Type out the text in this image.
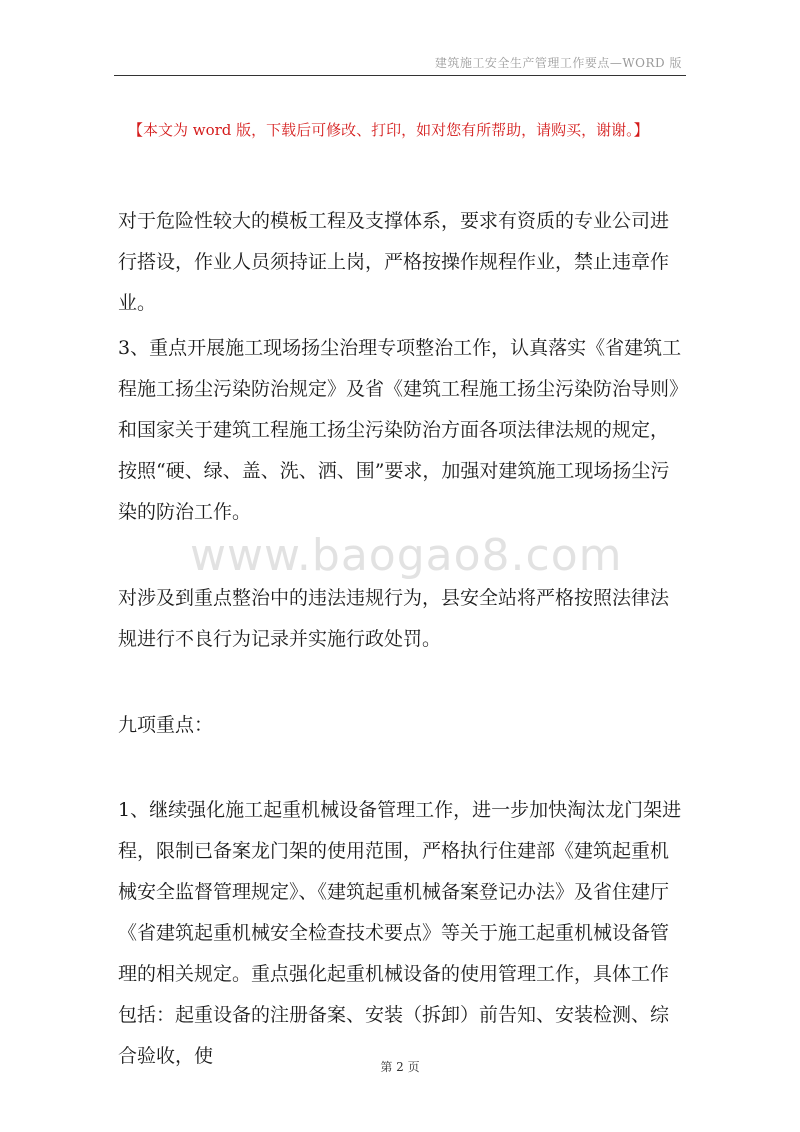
建筑施工安全生产管理工作要点—WORD 版
【本文为 word 版，下载后可修改、打印，如对您有所帮助，请购买，谢谢。】

对于危险性较大的模板工程及支撑体系，要求有资质的专业公司进行搭设，作业人员须持证上岗，严格按操作规程作业，禁止违章作业。

3、重点开展施工现场扬尘治理专项整治工作，认真落实《省建筑工程施工扬尘污染防治规定》及省《建筑工程施工扬尘污染防治导则》和国家关于建筑工程施工扬尘污染防治方面各项法律法规的规定，按照“硬、绿、盖、洗、洒、围”要求，加强对建筑施工现场扬尘污染的防治工作。

www.baogao8.com

对涉及到重点整治中的违法违规行为，县安全站将严格按照法律法规进行不良行为记录并实施行政处罚。

九项重点：

1、继续强化施工起重机械设备管理工作，进一步加快淘汰龙门架进程，限制已备案龙门架的使用范围，严格执行住建部《建筑起重机械安全监督管理规定》、《建筑起重机械备案登记办法》及省住建厅《省建筑起重机械安全检查技术要点》等关于施工起重机械设备管理的相关规定。重点强化起重机械设备的使用管理工作，具体工作包括：起重设备的注册备案、安装（拆卸）前告知、安装检测、综合验收，使	第 2 页
